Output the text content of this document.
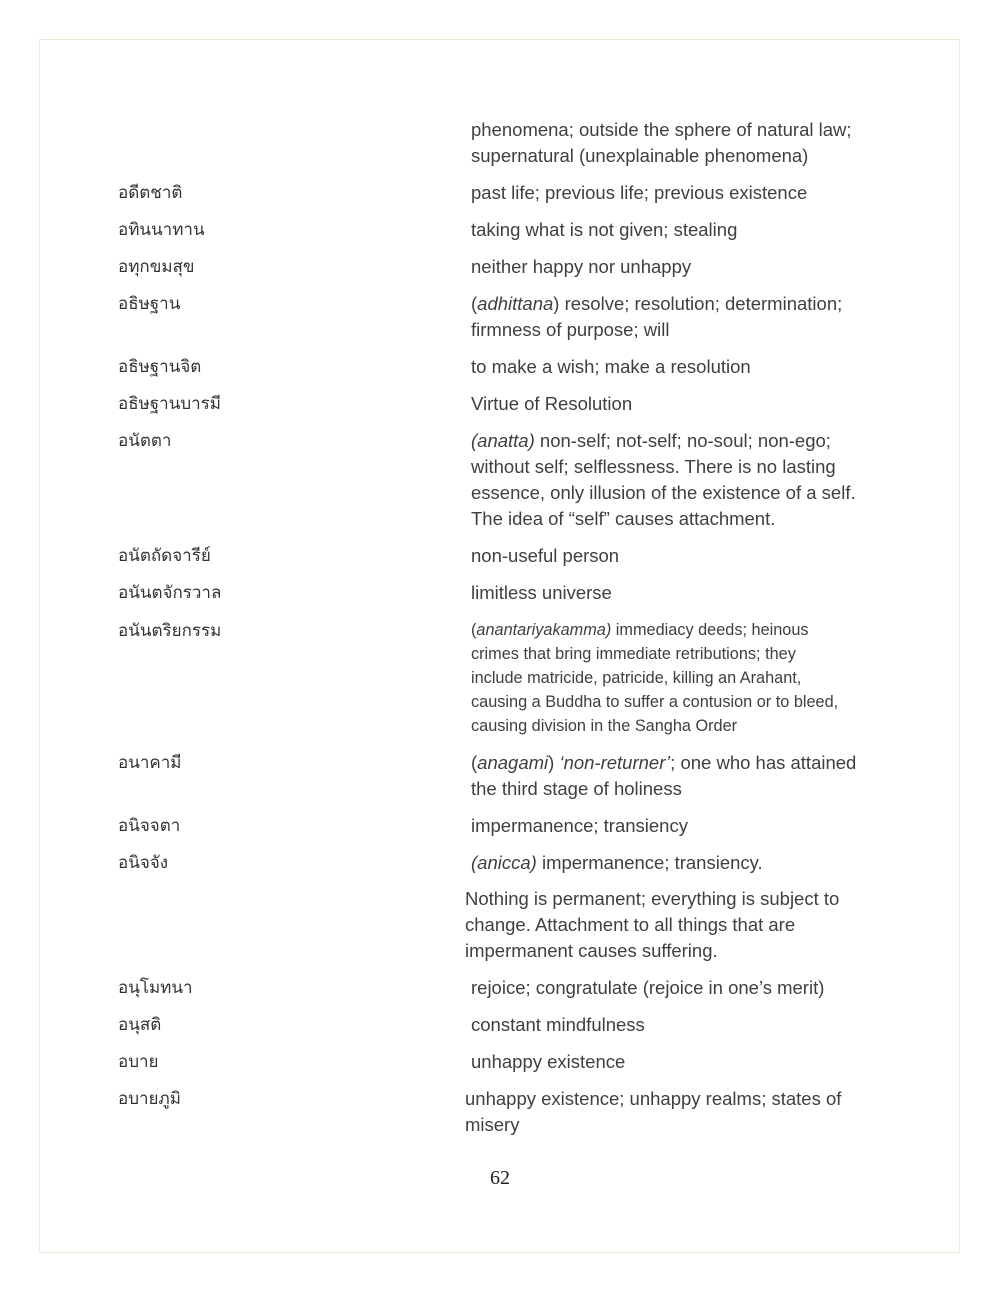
phenomena; outside the sphere of natural law;
supernatural (unexplainable phenomena)
อดีตชาติ	past life; previous life; previous existence
อทินนาทาน	taking what is not given; stealing
อทุกขมสุข	neither happy nor unhappy
อธิษฐาน	(adhittana) resolve; resolution; determination;
firmness of purpose; will
อธิษฐานจิต	to make a wish; make a resolution
อธิษฐานบารมี	Virtue of Resolution
อนัตตา	(anatta) non-self; not-self; no-soul; non-ego;
without self; selflessness. There is no lasting
essence, only illusion of the existence of a self.
The idea of “self” causes attachment.
อนัตถัดจารีย์	non-useful person
อนันตจักรวาล	limitless universe
อนันตริยกรรม	(anantariyakamma) immediacy deeds; heinous
crimes that bring immediate retributions; they
include matricide, patricide, killing an Arahant,
causing a Buddha to suffer a contusion or to bleed,
causing division in the Sangha Order
อนาคามี	(anagami) ‘non-returner’; one who has attained
the third stage of holiness
อนิจจตา	impermanence; transiency
อนิจจัง	(anicca) impermanence; transiency.
Nothing is permanent; everything is subject to
change. Attachment to all things that are
impermanent causes suffering.
อนุโมทนา	rejoice; congratulate (rejoice in one’s merit)
อนุสติ	constant mindfulness
อบาย	unhappy existence
อบายภูมิ	unhappy existence; unhappy realms; states of
misery
62
